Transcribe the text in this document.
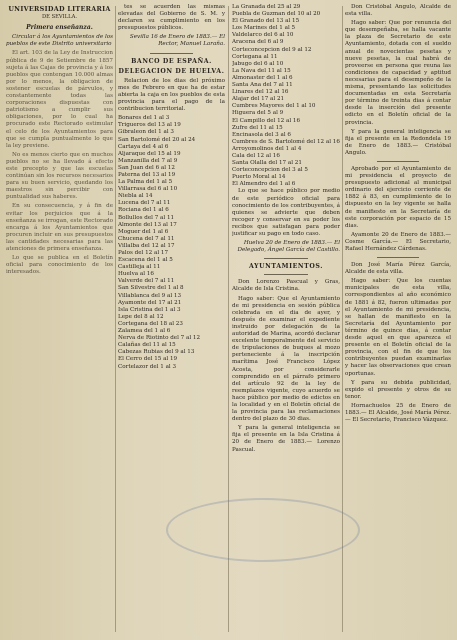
UNIVERSIDAD LITERARIA
DE SEVILLA.
Primera enseñanza.
Circular á los Ayuntamientos de los pueblos de este Distrito universitario
El art. 103 de la Ley de Instruccion pública de 9 de Setiembre de 1857 sujeta á las Cajas de provincia y á los pueblos que contengan 10.000 almas por lo menos, la obligacion de sostener escuelas de párvulos, y constantemente todas las corporaciones dispuestas con patriotismo a cumplir sus obligaciones, por lo cual ha procurado este Rectorado estimular el celo de los Ayuntamientos para que se cumpla puntualmente lo que la ley previene.
No es menos cierto que en muchos pueblos no se ha llevado á efecto este precepto y que las escuelas continúan sin los recursos necesarios para su buen servicio, quedando los maestros sin percibir con puntualidad sus haberes.
En su consecuencia, y á fin de evitar los perjuicios que á la enseñanza se irrogan, este Rectorado encarga á los Ayuntamientos que procuren incluir en sus presupuestos las cantidades necesarias para las atenciones de primera enseñanza.
Lo que se publica en el Boletín oficial para conocimiento de los interesados.
tes se acuerden las mismas elevadas del Gobierno de S. M. y declaren su cumplimiento en los presupuestos públicos.
Sevilla 16 de Enero de 1883.— El Rector, Manuel Laraña.
BANCO DE ESPAÑA.
DELEGACION DE HUELVA.
Relacion de los dias del próximo mes de Febrero en que ha de estar abierta la caja en los pueblos de esta provincia para el pago de la contribucion territorial.
Bonares del 1 al 3
Trigueros del 13 al 19
Gibraleon del 1 al 3
San Bartolomé del 20 al 24
Cartaya del 4 al 6
Aljaraque del 15 al 19
Manzanilla del 7 al 9
San Juan del 6 al 12
Paterna del 13 al 19
La Palma del 1 al 5
Villarrasa del 6 al 10
Niebla al 14
Lucena del 7 al 11
Rociana del 1 al 6
Bollullos del 7 al 11
Almonte del 13 al 17
Moguer del 1 al 6
Chucena del 7 al 11
Villalba del 12 al 17
Palos del 12 al 17
Escacena del 1 al 5
Castilleja al 11
Huelva al 16
Valverde del 7 al 11
San Silvestre del 1 al 8
Villablanca del 9 al 13
Ayamonte del 17 al 21
Isla Cristina del 1 al 3
Lepe del 8 al 12
Cortegana del 18 al 23
Zalamea del 1 al 6
Nerva de Riotinto del 7 al 12
Calañas del 11 al 15
Cabezas Rubias del 9 al 13
El Cerro del 15 al 19
Cortelazor del 1 al 3
La Granada del 25 al 29
Puebla de Guzman del 10 al 20
El Granado del 13 al 15
Los Marines del 1 al 5
Valdelarco del 6 al 10
Aracena del 6 al 9
Corteconcepcion del 9 al 12
Cortegana al 11
Jabugo del 6 al 10
La Nava del 11 al 15
Almonaster del 1 al 6
Santa Ana del 7 al 11
Linares del 12 al 16
Alajar del 17 al 21
Cumbres Mayores del 1 al 10
Higuera del 5 al 9
El Campillo del 12 al 16
Zufre del 11 al 15
Encinasola del 3 al 6
Cumbres de S. Bartolomé del 12 al 16
Arroyomolinos del 1 al 4
Cala del 12 al 16
Santa Olalla del 17 al 21
Corteconcepcion del 3 al 5
Puerto Moral al 14
El Almendro del 1 al 6
Lo que se hace público por medio de este periódico oficial para conocimiento de los contribuyentes, á quienes se advierte que deben recoger y conservar en su poder los recibos que satisfagan para poder justificar su pago en todo caso.
Huelva 20 de Enero de 1883.— El Delegado, Ángel García del Castillo.
AYUNTAMIENTOS.
Don Lorenzo Pascual y Gras, Alcalde de Isla Cristina.
Hago saber: Que el Ayuntamiento de mi presidencia en sesión pública celebrada en el dia de ayer, y después de examinar el expediente instruido por delegación de la autoridad de Marina, acordó declarar excelente temporalmente del servicio de tripulaciones de buques al mozo perteneciente á la inscripción marítima José Francisco López Acosta, por considerarle comprendido en el párrafo primero del artículo 92 de la ley de reemplazos vigente, cuyo acuerdo se hace público por medio de edictos en la localidad y en el Boletín oficial de la provincia para las reclamaciones dentro del plazo de 30 dias.
Y para la general inteligencia se fija el presente en la Isla Cristina á 20 de Enero de 1883.— Lorenzo Pascual.
Don Cristóbal Angulo, Alcalde de esta villa.
Hago saber: Que por renuncia del que desempeñaba, se halla vacante la plaza de Secretario de este Ayuntamiento, dotada con el sueldo anual de novecientas pesetas y nueve pesetas, la cual habrá de proveerse en persona que reuna las condiciones de capacidad y aptitud necesarias para el desempeño de la misma, presentando las solicitudes documentadas en esta Secretaría por término de treinta dias á contar desde la inserción del presente edicto en el Boletín oficial de la provincia.
Y para la general inteligencia se fija el presente en la Redondela 19 de Enero de 1883.— Cristóbal Angulo.
Aprobado por el Ayuntamiento de mi presidencia el proyecto de presupuesto adicional al municipal ordinario del ejercicio corriente de 1882 á 83, en cumplimiento de lo dispuesto en la ley vigente se halla de manifiesto en la Secretaría de este corporación por espacio de 15 dias.
Ayamonte 20 de Enero de 1883.— Cosme García.— El Secretario, Rafael Hernández Cárdenas.
Don José María Pérez García, Alcalde de esta villa.
Hago saber: Que los cuentas municipales de esta villa, correspondientes al año económico de 1881 á 82, fueron ultimadas por el Ayuntamiento de mi presidencia, se hallan de manifiesto en la Secretaría del Ayuntamiento por término de quince dias, á contar desde aquel en que aparezca el presente en el Boletín oficial de la provincia, con el fin de que los contribuyentes puedan examinarlas y hacer las observaciones que crean oportunas.
Y para su debida publicidad, expido el presente y otros de su tenor.
Hornachuelos 25 de Enero de 1883.— El Alcalde, José María Pérez.— El Secretario, Francisco Vázquez.
